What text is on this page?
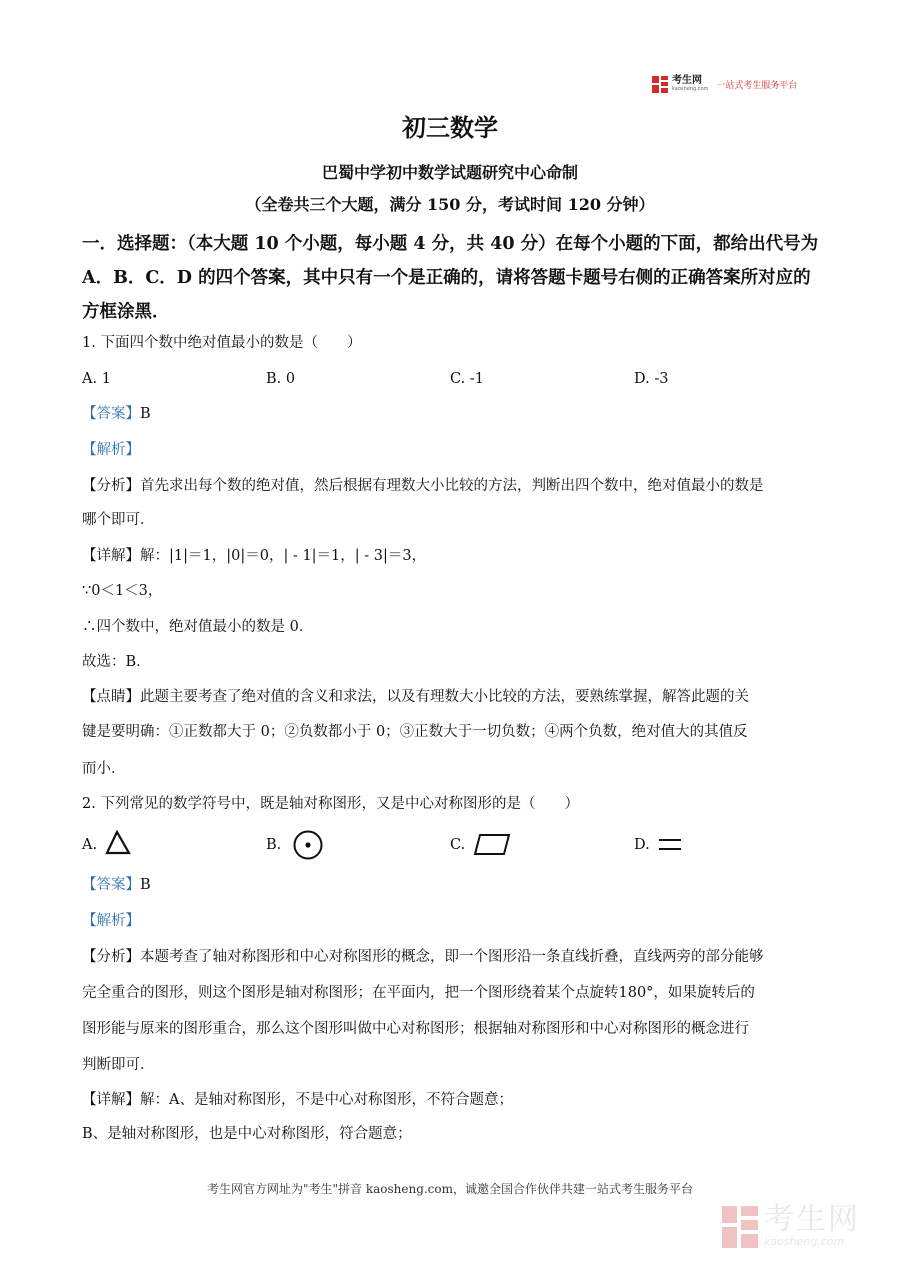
考生网
kaosheng.com 一站式考生服务平台
初三数学
巴蜀中学初中数学试题研究中心命制
（全卷共三个大题，满分 150 分，考试时间 120 分钟）
一．选择题：（本大题 10 个小题，每小题 4 分，共 40 分）在每个小题的下面，都给出代号为
A．B．C．D 的四个答案，其中只有一个是正确的，请将答题卡题号右侧的正确答案所对应的
方框涂黑．
1. 下面四个数中绝对值最小的数是（　　）
A. 1	B. 0	C. -1	D. -3
【答案】B
【解析】
【分析】首先求出每个数的绝对值，然后根据有理数大小比较的方法，判断出四个数中，绝对值最小的数是
哪个即可．
【详解】解：|1|＝1，|0|＝0，| - 1|＝1，| - 3|＝3，
∵0＜1＜3，
∴四个数中，绝对值最小的数是 0．
故选：B．
【点睛】此题主要考查了绝对值的含义和求法，以及有理数大小比较的方法，要熟练掌握，解答此题的关
键是要明确：①正数都大于 0；②负数都小于 0；③正数大于一切负数；④两个负数，绝对值大的其值反
而小．
2. 下列常见的数学符号中，既是轴对称图形，又是中心对称图形的是（　　）
A.	B.	C.	D.
【答案】B
【解析】
【分析】本题考查了轴对称图形和中心对称图形的概念，即一个图形沿一条直线折叠，直线两旁的部分能够
完全重合的图形，则这个图形是轴对称图形；在平面内，把一个图形绕着某个点旋转180°，如果旋转后的
图形能与原来的图形重合，那么这个图形叫做中心对称图形；根据轴对称图形和中心对称图形的概念进行
判断即可．
【详解】解：A、是轴对称图形，不是中心对称图形，不符合题意；
B、是轴对称图形，也是中心对称图形，符合题意；
考生网官方网址为"考生"拼音 kaosheng.com，诚邀全国合作伙伴共建一站式考生服务平台
考生网
kaosheng.com
